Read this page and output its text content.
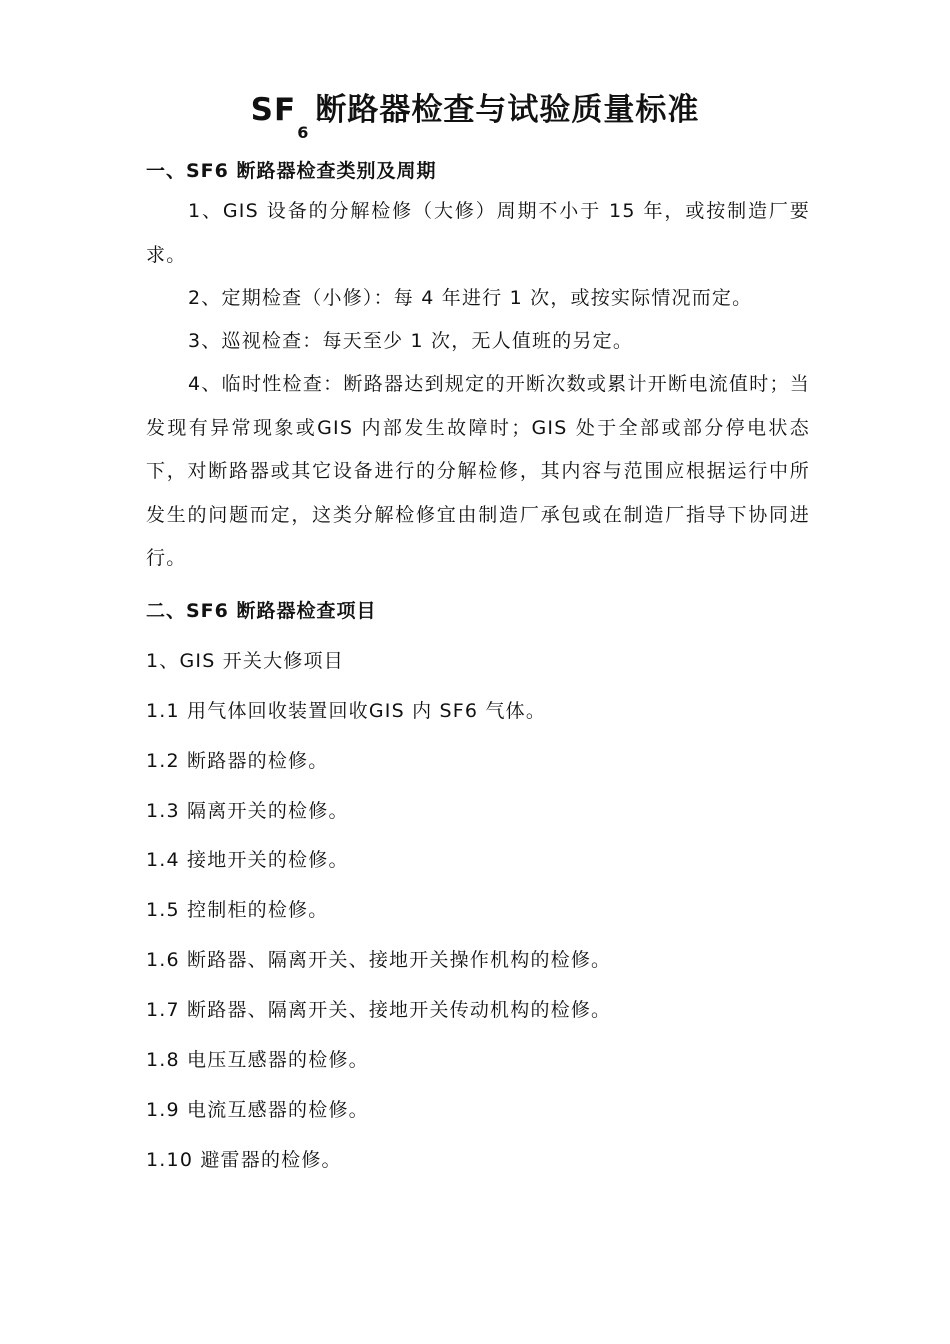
SF6断路器检查与试验质量标准
一、SF6 断路器检查类别及周期
1、GIS 设备的分解检修（大修）周期不小于 15 年，或按制造厂要求。
2、定期检查（小修）：每 4 年进行 1 次，或按实际情况而定。
3、巡视检查：每天至少 1 次，无人值班的另定。
4、临时性检查：断路器达到规定的开断次数或累计开断电流值时；当发现有异常现象或GIS 内部发生故障时；GIS 处于全部或部分停电状态下，对断路器或其它设备进行的分解检修，其内容与范围应根据运行中所发生的问题而定，这类分解检修宜由制造厂承包或在制造厂指导下协同进行。
二、SF6 断路器检查项目
1、GIS 开关大修项目
1.1 用气体回收装置回收GIS 内 SF6 气体。
1.2 断路器的检修。
1.3 隔离开关的检修。
1.4 接地开关的检修。
1.5 控制柜的检修。
1.6 断路器、隔离开关、接地开关操作机构的检修。
1.7 断路器、隔离开关、接地开关传动机构的检修。
1.8 电压互感器的检修。
1.9 电流互感器的检修。
1.10 避雷器的检修。
